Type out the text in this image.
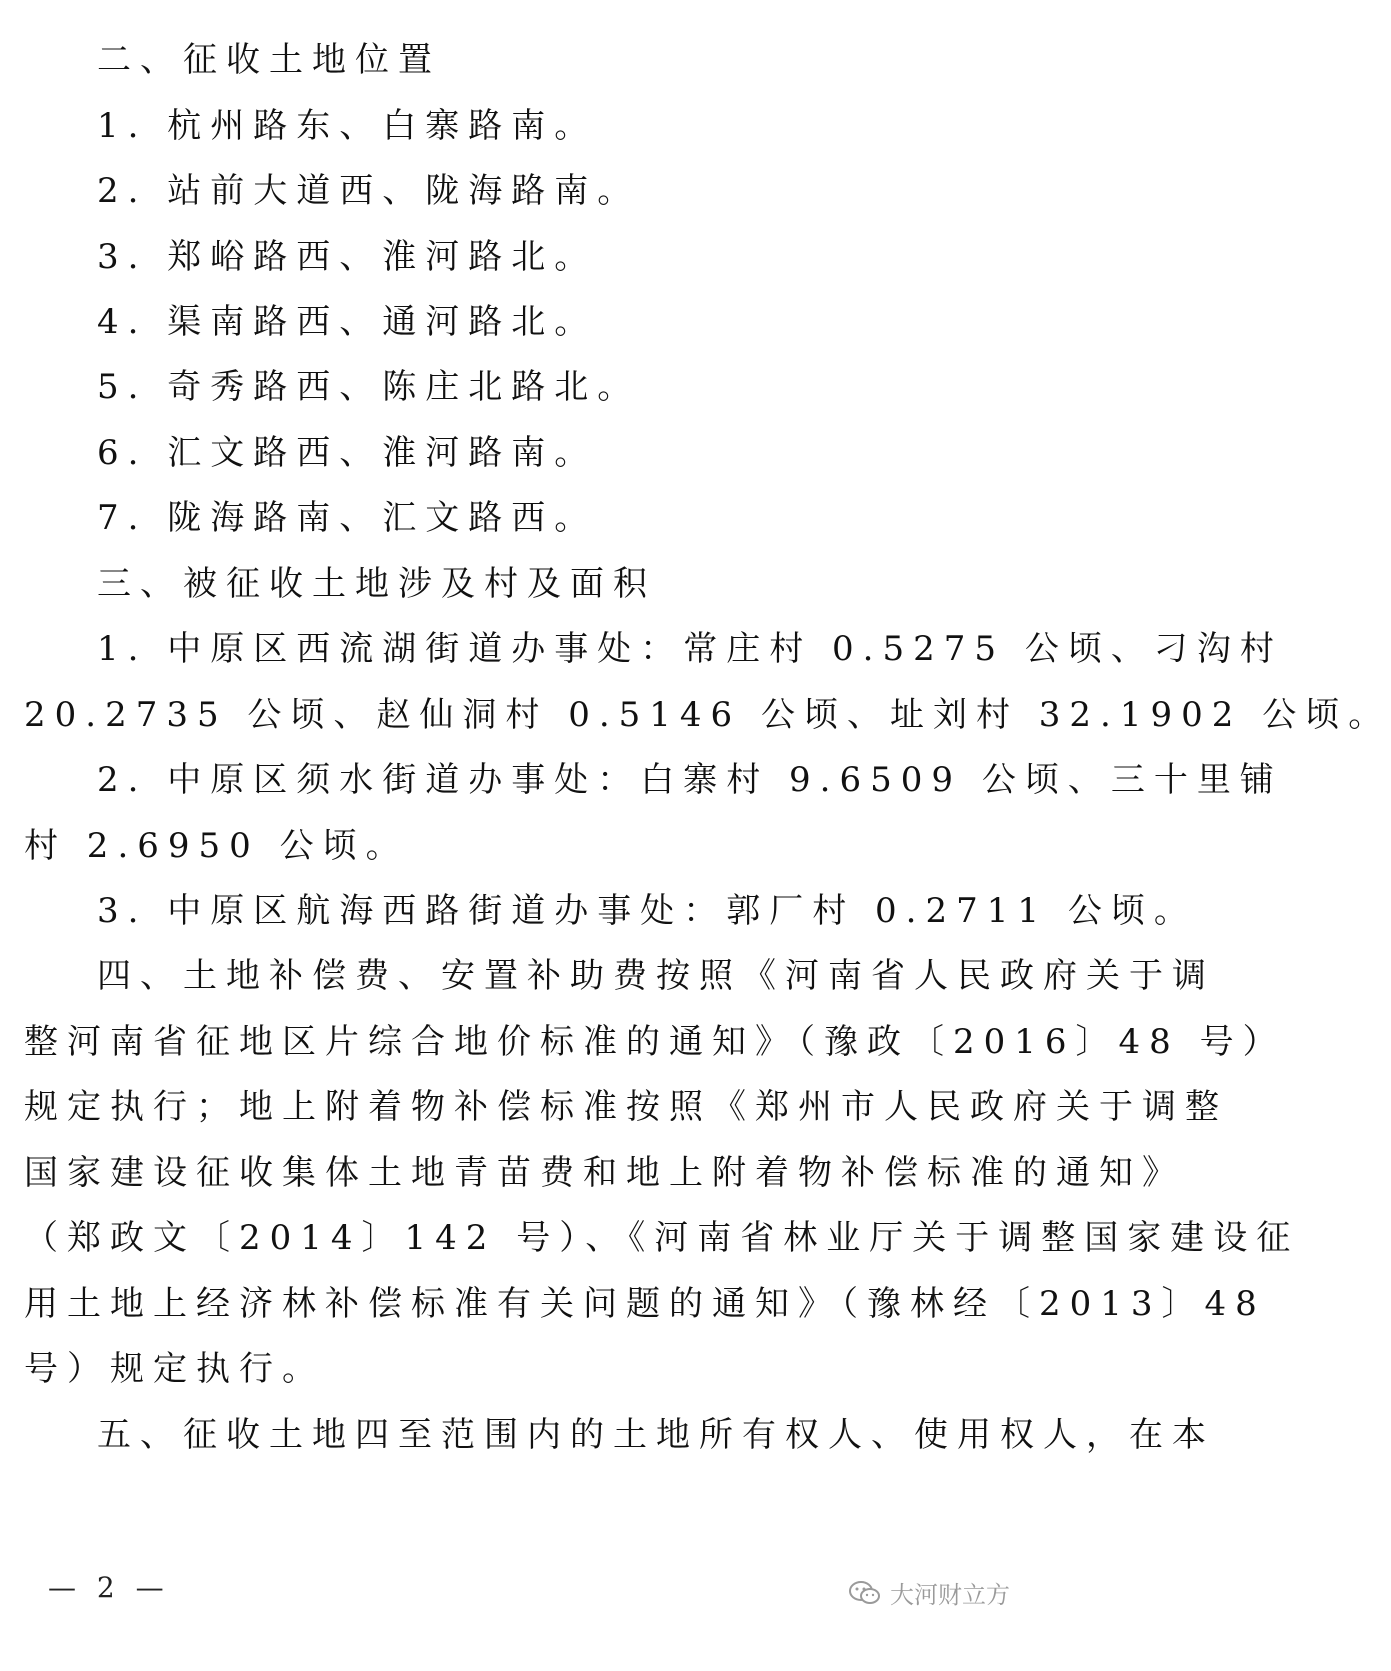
二、征收土地位置
1. 杭州路东、白寨路南。
2. 站前大道西、陇海路南。
3. 郑峪路西、淮河路北。
4. 渠南路西、通河路北。
5. 奇秀路西、陈庄北路北。
6. 汇文路西、淮河路南。
7. 陇海路南、汇文路西。
三、被征收土地涉及村及面积
1. 中原区西流湖街道办事处：常庄村 0.5275 公顷、刁沟村
20.2735 公顷、赵仙洞村 0.5146 公顷、址刘村 32.1902 公顷。
2. 中原区须水街道办事处：白寨村 9.6509 公顷、三十里铺
村 2.6950 公顷。
3. 中原区航海西路街道办事处：郭厂村 0.2711 公顷。
四、土地补偿费、安置补助费按照《河南省人民政府关于调
整河南省征地区片综合地价标准的通知》（豫政〔2016〕48 号）
规定执行；地上附着物补偿标准按照《郑州市人民政府关于调整
国家建设征收集体土地青苗费和地上附着物补偿标准的通知》
（郑政文〔2014〕142 号）、《河南省林业厅关于调整国家建设征
用土地上经济林补偿标准有关问题的通知》（豫林经〔2013〕48
号）规定执行。
五、征收土地四至范围内的土地所有权人、使用权人，在本
— 2 —	大河财立方
